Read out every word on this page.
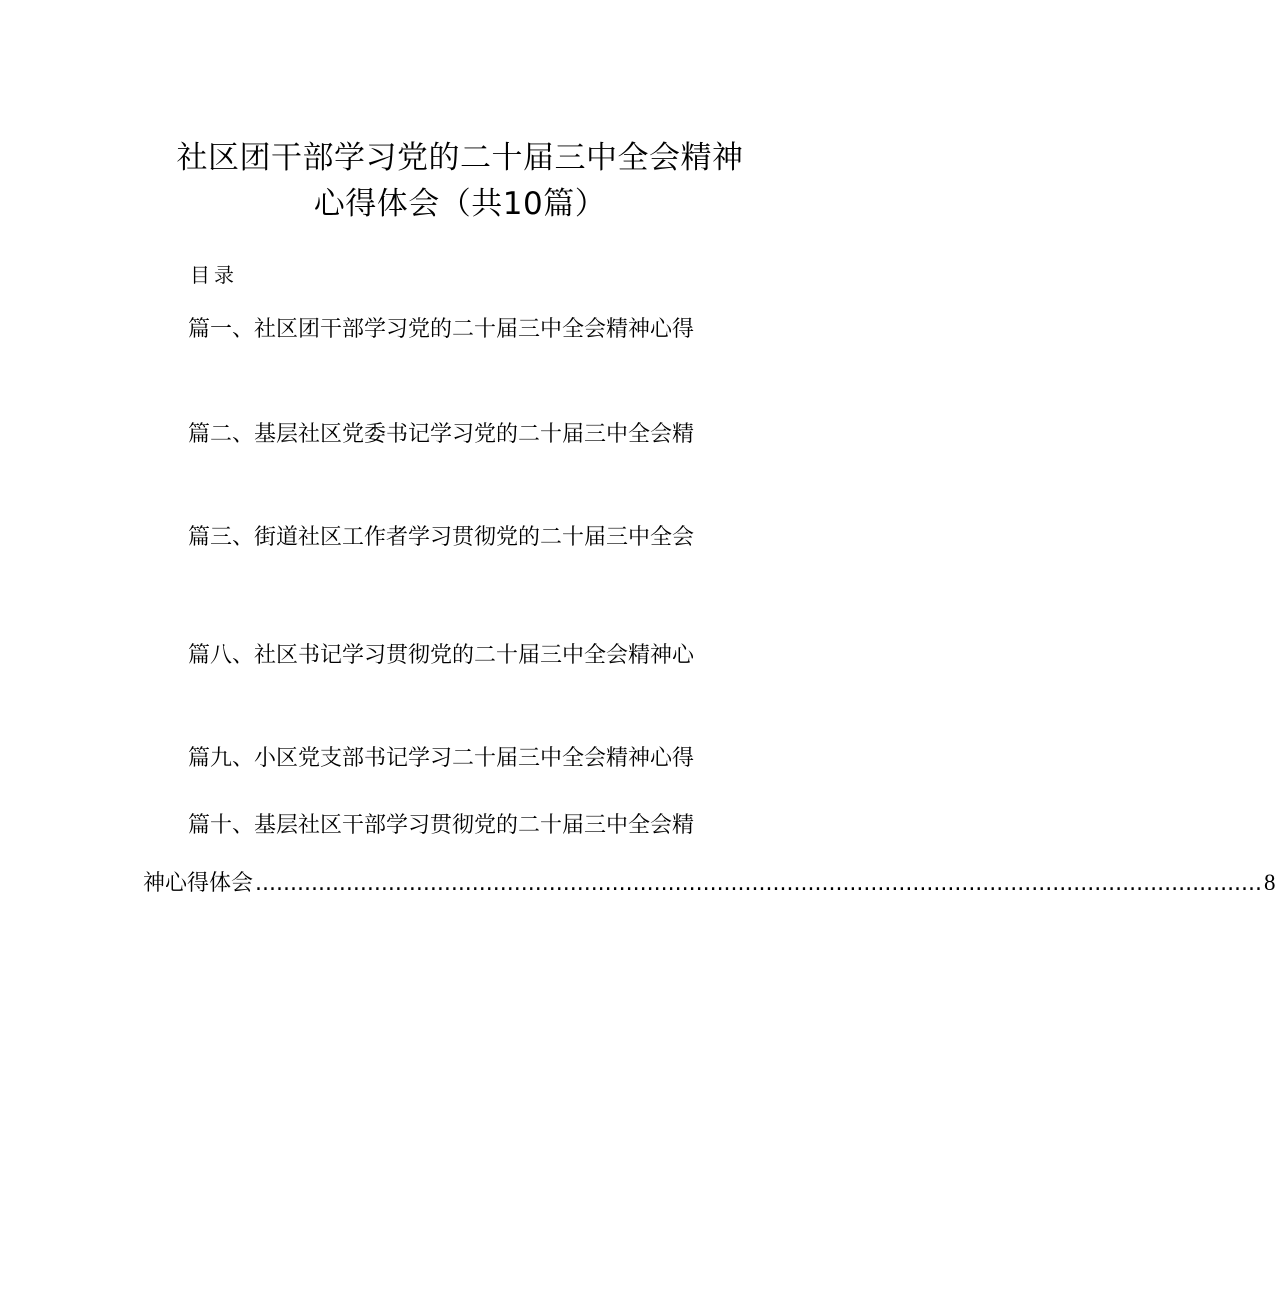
社区团干部学习党的二十届三中全会精神
心得体会（共10篇）
目录
篇一、社区团干部学习党的二十届三中全会精神心得
篇二、基层社区党委书记学习党的二十届三中全会精
篇三、街道社区工作者学习贯彻党的二十届三中全会
篇八、社区书记学习贯彻党的二十届三中全会精神心
篇九、小区党支部书记学习二十届三中全会精神心得
篇十、基层社区干部学习贯彻党的二十届三中全会精
神心得体会 ................................................................................................................................................ 8
